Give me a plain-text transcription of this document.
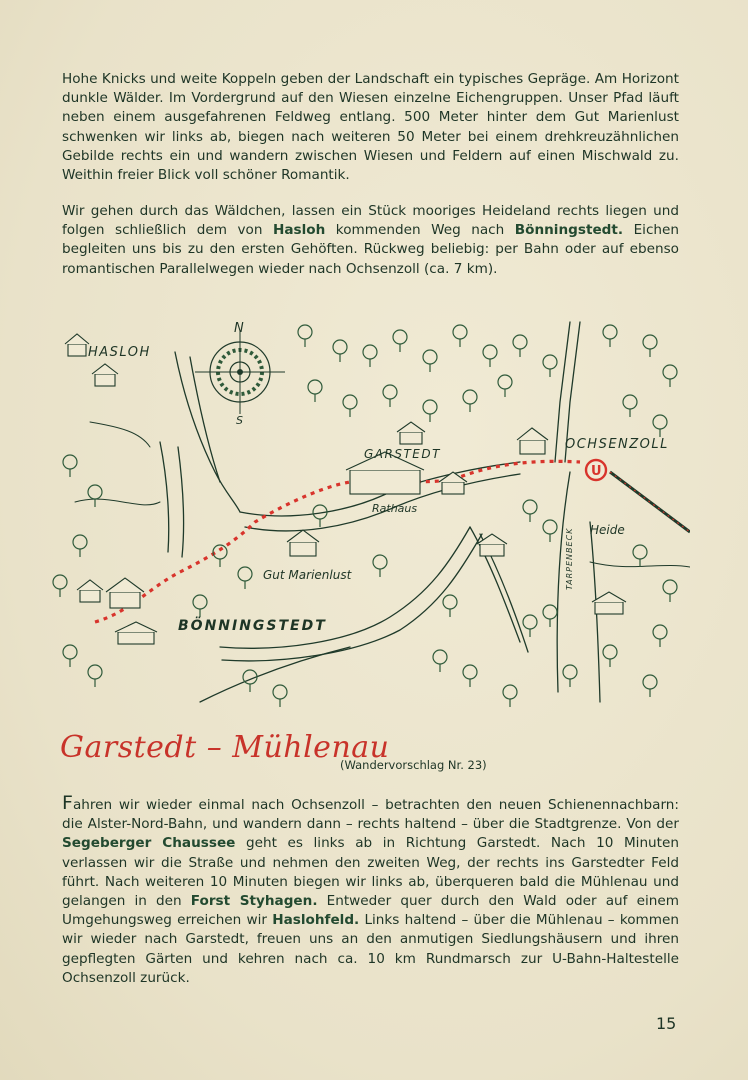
Hohe Knicks und weite Koppeln geben der Landschaft ein typisches Gepräge. Am Horizont dunkle Wälder. Im Vordergrund auf den Wiesen einzelne Eichengruppen. Unser Pfad läuft neben einem ausgefahrenen Feldweg entlang. 500 Meter hinter dem Gut Marienlust schwenken wir links ab, biegen nach weiteren 50 Meter bei einem drehkreuzähnlichen Gebilde rechts ein und wandern zwischen Wiesen und Feldern auf einen Mischwald zu. Weithin freier Blick voll schöner Romantik.

Wir gehen durch das Wäldchen, lassen ein Stück mooriges Heideland rechts liegen und folgen schließlich dem von Hasloh kommenden Weg nach Bönningstedt. Eichen begleiten uns bis zu den ersten Gehöften. Rückweg beliebig: per Bahn oder auf ebenso romantischen Parallelwegen wieder nach Ochsenzoll (ca. 7 km).

N
S
U
HASLOH
GARSTEDT
OCHSENZOLL
Rathaus
Heide
TARPENBECK
Gut Marienlust
BÖNNINGSTEDT
Garstedt – Mühlenau
(Wandervorschlag Nr. 23)

Fahren wir wieder einmal nach Ochsenzoll – betrachten den neuen Schienennachbarn: die Alster-Nord-Bahn, und wandern dann – rechts haltend – über die Stadtgrenze. Von der Segeberger Chaussee geht es links ab in Richtung Garstedt. Nach 10 Minuten verlassen wir die Straße und nehmen den zweiten Weg, der rechts ins Garstedter Feld führt. Nach weiteren 10 Minuten biegen wir links ab, überqueren bald die Mühlenau und gelangen in den Forst Styhagen. Entweder quer durch den Wald oder auf einem Umgehungsweg erreichen wir Haslohfeld. Links haltend – über die Mühlenau – kommen wir wieder nach Garstedt, freuen uns an den anmutigen Siedlungshäusern und ihren gepflegten Gärten und kehren nach ca. 10 km Rundmarsch zur U-Bahn-Haltestelle Ochsenzoll zurück.

15
